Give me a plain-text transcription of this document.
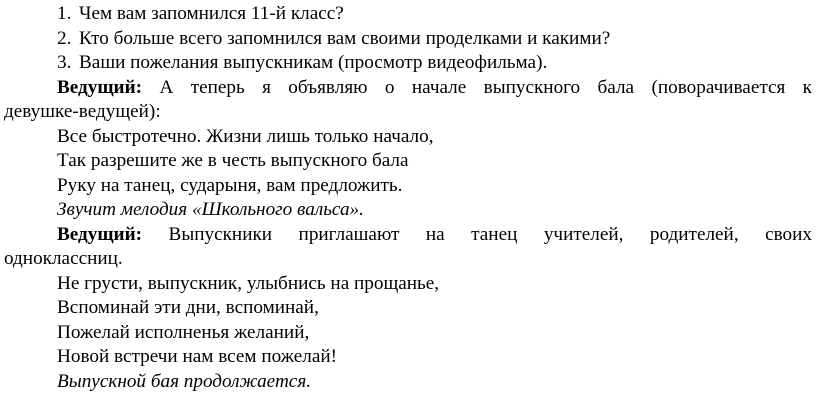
1. Чем вам запомнился 11-й класс?
2. Кто больше всего запомнился вам своими проделками и какими?
3. Ваши пожелания выпускникам (просмотр видеофильма).
Ведущий: А теперь я объявляю о начале выпускного бала (поворачивается к
девушке-ведущей):
Все быстротечно. Жизни лишь только начало,
Так разрешите же в честь выпускного бала
Руку на танец, сударыня, вам предложить.
Звучит мелодия «Школьного вальса».
Ведущий: Выпускники приглашают на танец учителей, родителей, своих
одноклассниц.
Не грусти, выпускник, улыбнись на прощанье,
Вспоминай эти дни, вспоминай,
Пожелай исполненья желаний,
Новой встречи нам всем пожелай!
Выпускной бая продолжается.
